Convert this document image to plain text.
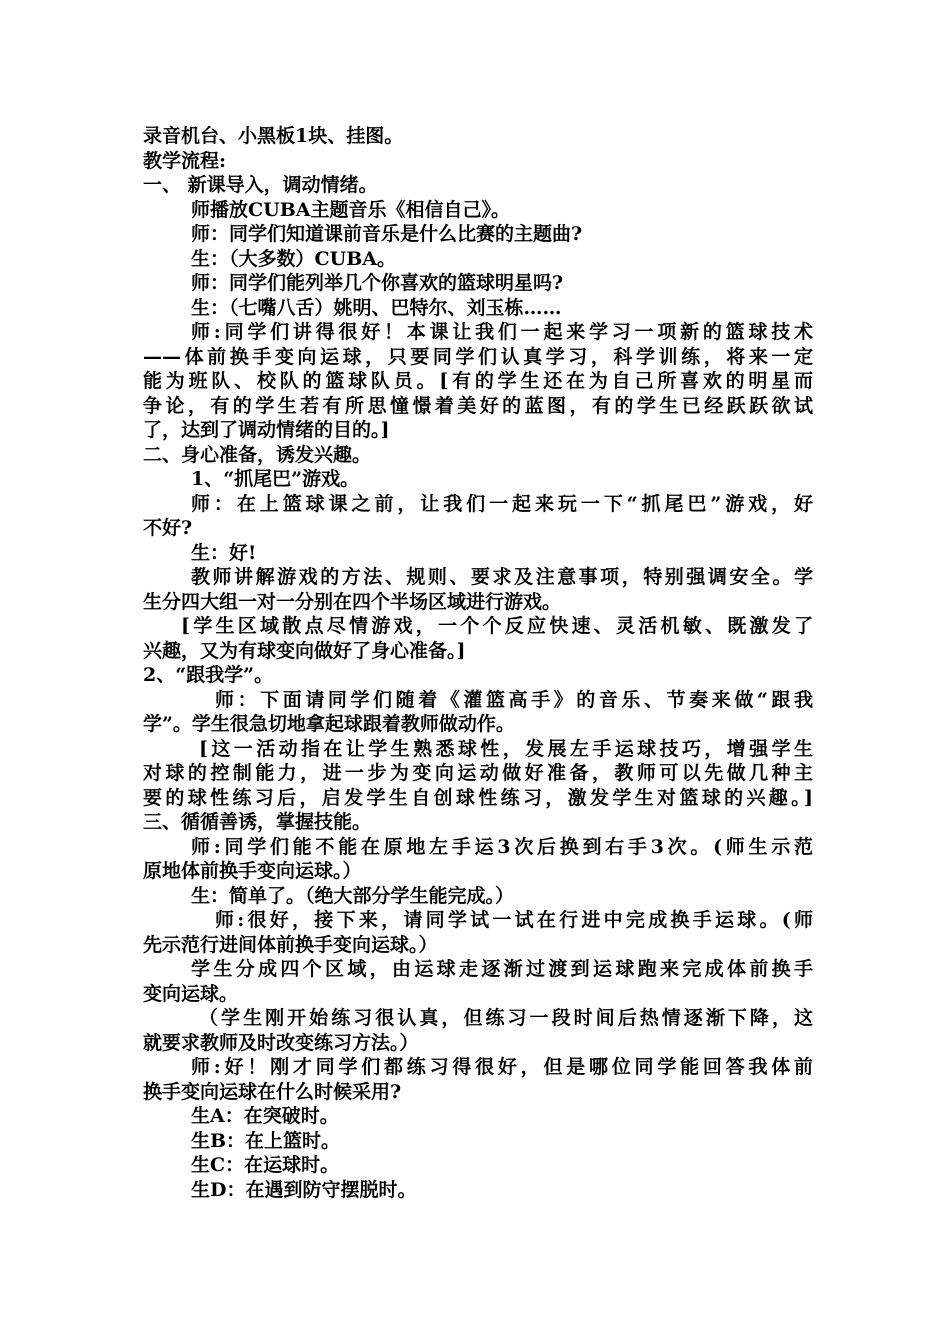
录音机台、小黑板1块、挂图。
教学流程:
一、 新课导入，调动情绪。
师播放CUBA主题音乐《相信自己》。
师：同学们知道课前音乐是什么比赛的主题曲?
生：（大多数）CUBA。
师：同学们能列举几个你喜欢的篮球明星吗?
生：（七嘴八舌）姚明、巴特尔、刘玉栋……
师:同学们讲得很好！本课让我们一起来学习一项新的篮球技术
——体前换手变向运球，只要同学们认真学习，科学训练，将来一定
能为班队、校队的篮球队员。[有的学生还在为自己所喜欢的明星而
争论，有的学生若有所思憧憬着美好的蓝图，有的学生已经跃跃欲试
了，达到了调动情绪的目的。]
二、身心准备，诱发兴趣。
1、“抓尾巴”游戏。
师：在上篮球课之前，让我们一起来玩一下“抓尾巴”游戏，好
不好?
生：好!
教师讲解游戏的方法、规则、要求及注意事项，特别强调安全。学
生分四大组一对一分别在四个半场区域进行游戏。
[学生区域散点尽情游戏，一个个反应快速、灵活机敏、既激发了
兴趣，又为有球变向做好了身心准备。]
2、“跟我学”。
师：下面请同学们随着《灌篮高手》的音乐、节奏来做“跟我
学”。学生很急切地拿起球跟着教师做动作。
[这一活动指在让学生熟悉球性，发展左手运球技巧，增强学生
对球的控制能力，进一步为变向运动做好准备，教师可以先做几种主
要的球性练习后，启发学生自创球性练习，激发学生对篮球的兴趣。]
三、循循善诱，掌握技能。
师:同学们能不能在原地左手运3次后换到右手3次。(师生示范
原地体前换手变向运球。）
生：简单了。（绝大部分学生能完成。）
师:很好，接下来，请同学试一试在行进中完成换手运球。(师
先示范行进间体前换手变向运球。）
学生分成四个区域，由运球走逐渐过渡到运球跑来完成体前换手
变向运球。
（学生刚开始练习很认真，但练习一段时间后热情逐渐下降，这
就要求教师及时改变练习方法。）
师:好！刚才同学们都练习得很好，但是哪位同学能回答我体前
换手变向运球在什么时候采用?
生A：在突破时。
生B：在上篮时。
生C：在运球时。
生D：在遇到防守摆脱时。
